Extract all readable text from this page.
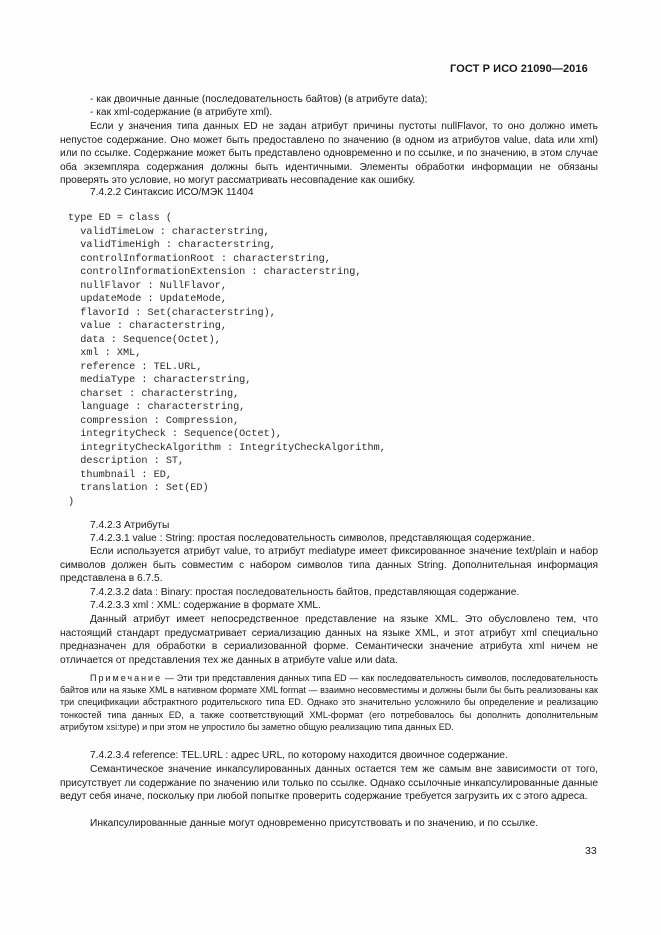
ГОСТ Р ИСО 21090—2016

- как двоичные данные (последовательность байтов) (в атрибуте data);

- как xml-содержание (в атрибуте xml).

Если у значения типа данных ED не задан атрибут причины пустоты nullFlavor, то оно должно иметь непустое содержание. Оно может быть предоставлено по значению (в одном из атрибутов value, data или xml) или по ссылке. Содержание может быть представлено одновременно и по ссылке, и по значению, в этом случае оба экземпляра содержания должны быть идентичными. Элементы обработки информации не обязаны проверять это условие, но могут рассматривать несовпадение как ошибку.

7.4.2.2 Синтаксис ИСО/МЭК 11404

type ED = class (
validTimeLow : characterstring,
validTimeHigh : characterstring,
controlInformationRoot : characterstring,
controlInformationExtension : characterstring,
nullFlavor : NullFlavor,
updateMode : UpdateMode,
flavorId : Set(characterstring),
value : characterstring,
data : Sequence(Octet),
xml : XML,
reference : TEL.URL,
mediaType : characterstring,
charset : characterstring,
language : characterstring,
compression : Compression,
integrityCheck : Sequence(Octet),
integrityCheckAlgorithm : IntegrityCheckAlgorithm,
description : ST,
thumbnail : ED,
translation : Set(ED)
)

7.4.2.3 Атрибуты

7.4.2.3.1 value : String: простая последовательность символов, представляющая содержание.

Если используется атрибут value, то атрибут mediatype имеет фиксированное значение text/plain и набор символов должен быть совместим с набором символов типа данных String. Дополнительная информация представлена в 6.7.5.

7.4.2.3.2 data : Binary: простая последовательность байтов, представляющая содержание.

7.4.2.3.3 xml : XML: содержание в формате XML.

Данный атрибут имеет непосредственное представление на языке XML. Это обусловлено тем, что настоящий стандарт предусматривает сериализацию данных на языке XML, и этот атрибут xml специально предназначен для обработки в сериализованной форме. Семантически значение атрибута xml ничем не отличается от представления тех же данных в атрибуте value или data.

Примечание — Эти три представления данных типа ED — как последовательность символов, последовательность байтов или на языке XML в нативном формате XML format — взаимно несовместимы и должны были бы быть реализованы как три спецификации абстрактного родительского типа ED. Однако это значительно усложнило бы определение и реализацию тонкостей типа данных ED, а также соответствующий XML-формат (его потребовалось бы дополнить дополнительным атрибутом xsi:type) и при этом не упростило бы заметно общую реализацию типа данных ED.

7.4.2.3.4 reference: TEL.URL : адрес URL, по которому находится двоичное содержание.

Семантическое значение инкапсулированных данных остается тем же самым вне зависимости от того, присутствует ли содержание по значению или только по ссылке. Однако ссылочные инкапсулированные данные ведут себя иначе, поскольку при любой попытке проверить содержание требуется загрузить их с этого адреса.

Инкапсулированные данные могут одновременно присутствовать и по значению, и по ссылке.

33
